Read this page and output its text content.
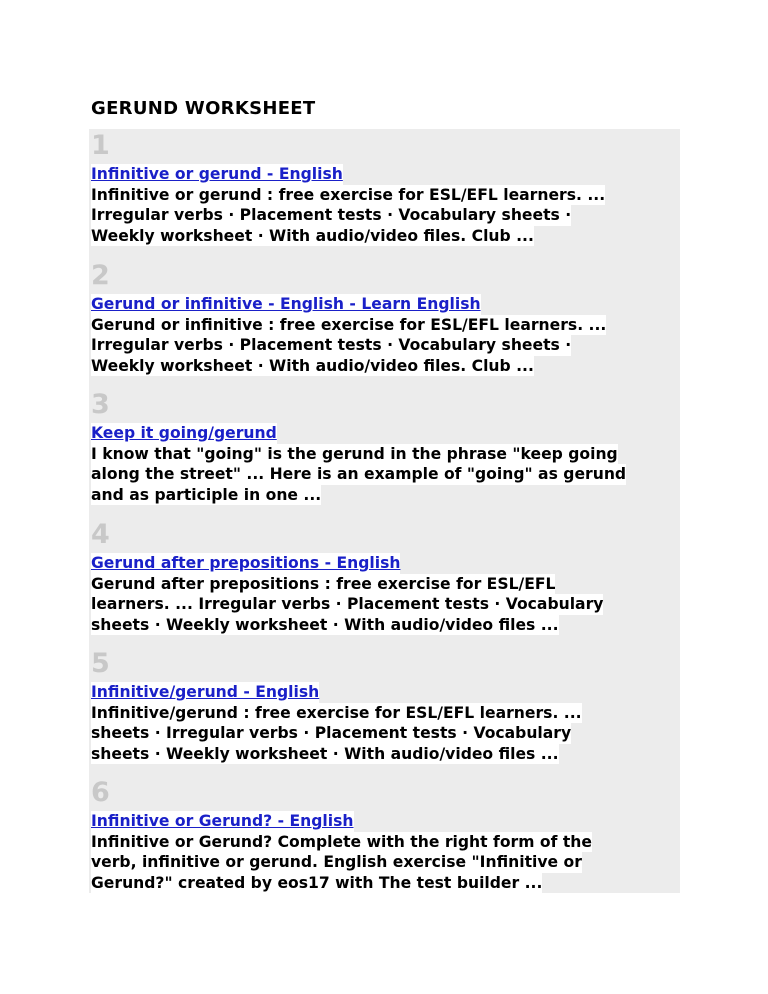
GERUND WORKSHEET
1
Infinitive or gerund - English
Infinitive or gerund : free exercise for ESL/EFL learners. ...
Irregular verbs · Placement tests · Vocabulary sheets ·
Weekly worksheet · With audio/video files. Club ...
2
Gerund or infinitive - English - Learn English
Gerund or infinitive : free exercise for ESL/EFL learners. ...
Irregular verbs · Placement tests · Vocabulary sheets ·
Weekly worksheet · With audio/video files. Club ...
3
Keep it going/gerund
I know that "going" is the gerund in the phrase "keep going
along the street" ... Here is an example of "going" as gerund
and as participle in one ...
4
Gerund after prepositions - English
Gerund after prepositions : free exercise for ESL/EFL
learners. ... Irregular verbs · Placement tests · Vocabulary
sheets · Weekly worksheet · With audio/video files ...
5
Infinitive/gerund - English
Infinitive/gerund : free exercise for ESL/EFL learners. ...
sheets · Irregular verbs · Placement tests · Vocabulary
sheets · Weekly worksheet · With audio/video files ...
6
Infinitive or Gerund? - English
Infinitive or Gerund? Complete with the right form of the
verb, infinitive or gerund. English exercise "Infinitive or
Gerund?" created by eos17 with The test builder ...
